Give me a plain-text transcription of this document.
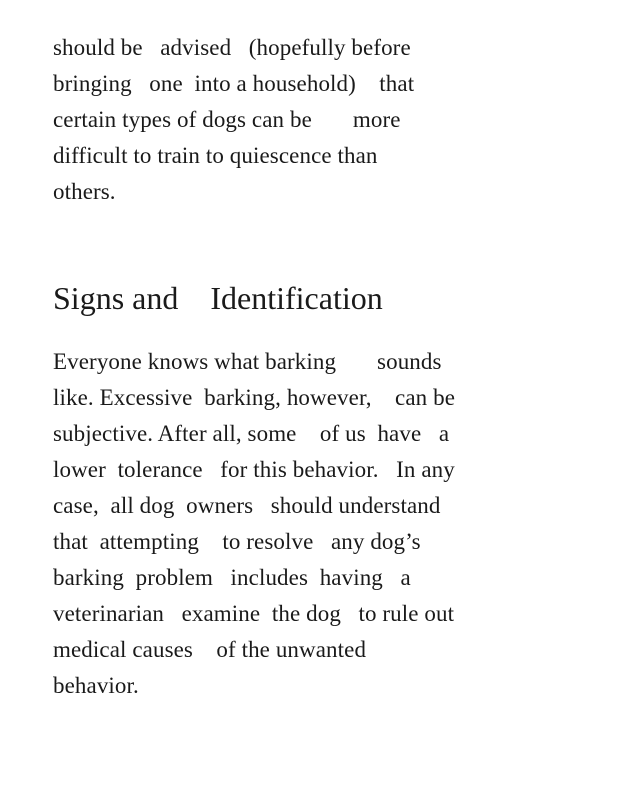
should be   advised   (hopefully before
bringing   one  into a household)    that
certain types of dogs can be       more
difficult to train to quiescence than
others.
Signs and    Identification
Everyone knows what barking       sounds
like. Excessive  barking, however,    can be
subjective. After all, some    of us  have   a
lower  tolerance   for this behavior.   In any
case,  all dog  owners   should understand
that  attempting    to resolve   any dog’s
barking  problem   includes  having   a
veterinarian   examine  the dog   to rule out
medical causes    of the unwanted
behavior.
